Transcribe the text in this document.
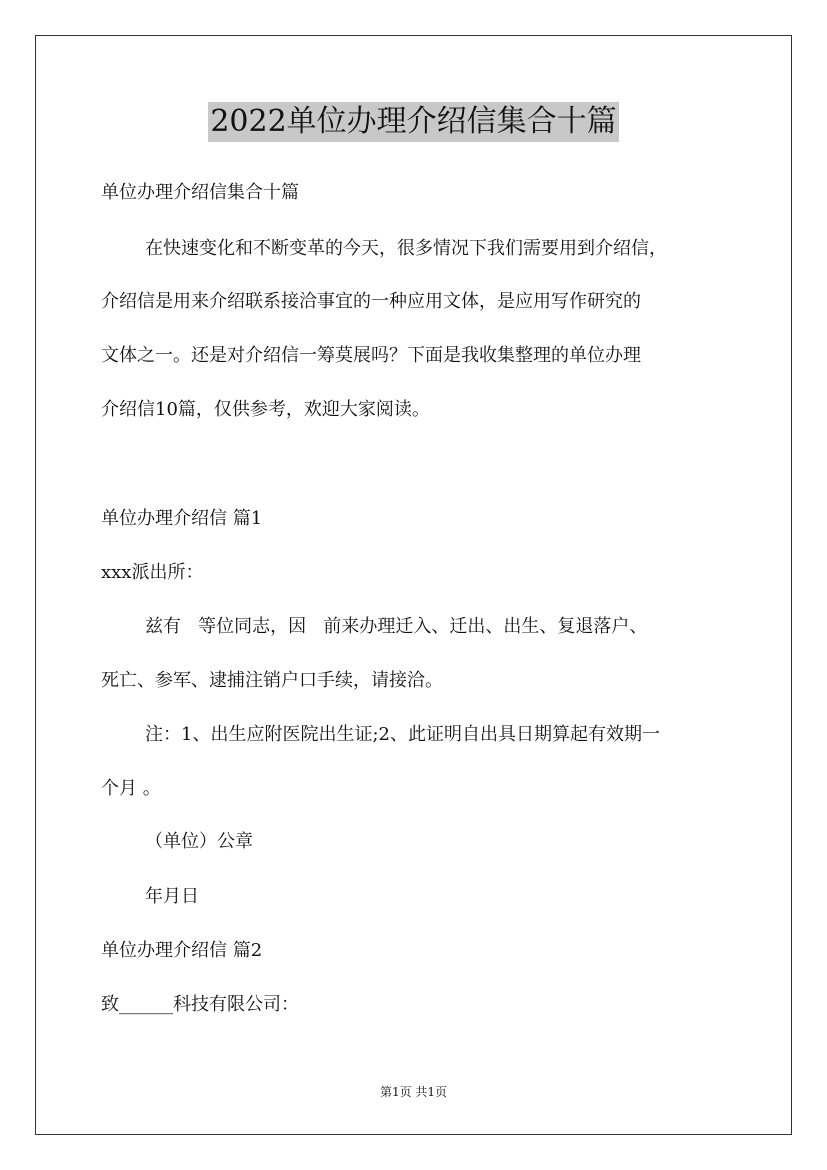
2022单位办理介绍信集合十篇
单位办理介绍信集合十篇
在快速变化和不断变革的今天，很多情况下我们需要用到介绍信，
介绍信是用来介绍联系接洽事宜的一种应用文体，是应用写作研究的
文体之一。还是对介绍信一筹莫展吗？下面是我收集整理的单位办理
介绍信10篇，仅供参考，欢迎大家阅读。
单位办理介绍信 篇1
xxx派出所：
兹有   等位同志，因   前来办理迁入、迁出、出生、复退落户、
死亡、参军、逮捕注销户口手续，请接洽。
注：1、出生应附医院出生证;2、此证明自出具日期算起有效期一
个月 。
（单位）公章
年月日
单位办理介绍信 篇2
致______科技有限公司：
第1页 共1页
